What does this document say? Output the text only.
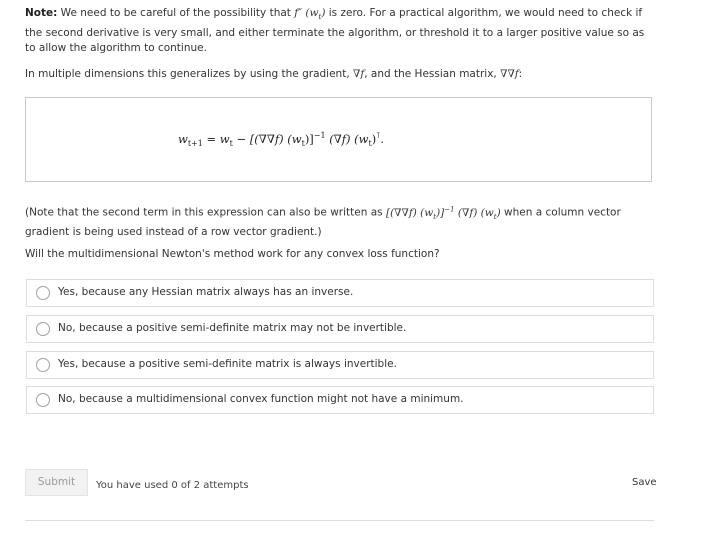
Note: We need to be careful of the possibility that f″ $(w_t)$ is zero. For a practical algorithm, we would need to check if the second derivative is very small, and either terminate the algorithm, or threshold it to a larger positive value so as to allow the algorithm to continue.

In multiple dimensions this generalizes by using the gradient, ∇f, and the Hessian matrix, ∇∇f:

$w_{t+1} = w_t - [(\nabla\nabla f)$ $(w_t)]^{-1}$ (∇f) $(w_t)^⊺$.

(Note that the second term in this expression can also be written as [(∇∇f) $(w_t)]^{-1}$ (∇f) $(w_t)$ when a column vector gradient is being used instead of a row vector gradient.)

Will the multidimensional Newton's method work for any convex loss function?

Yes, because any Hessian matrix always has an inverse.
No, because a positive semi-definite matrix may not be invertible.
Yes, because a positive semi-definite matrix is always invertible.
No, because a multidimensional convex function might not have a minimum.
Submit	You have used 0 of 2 attempts	Save
